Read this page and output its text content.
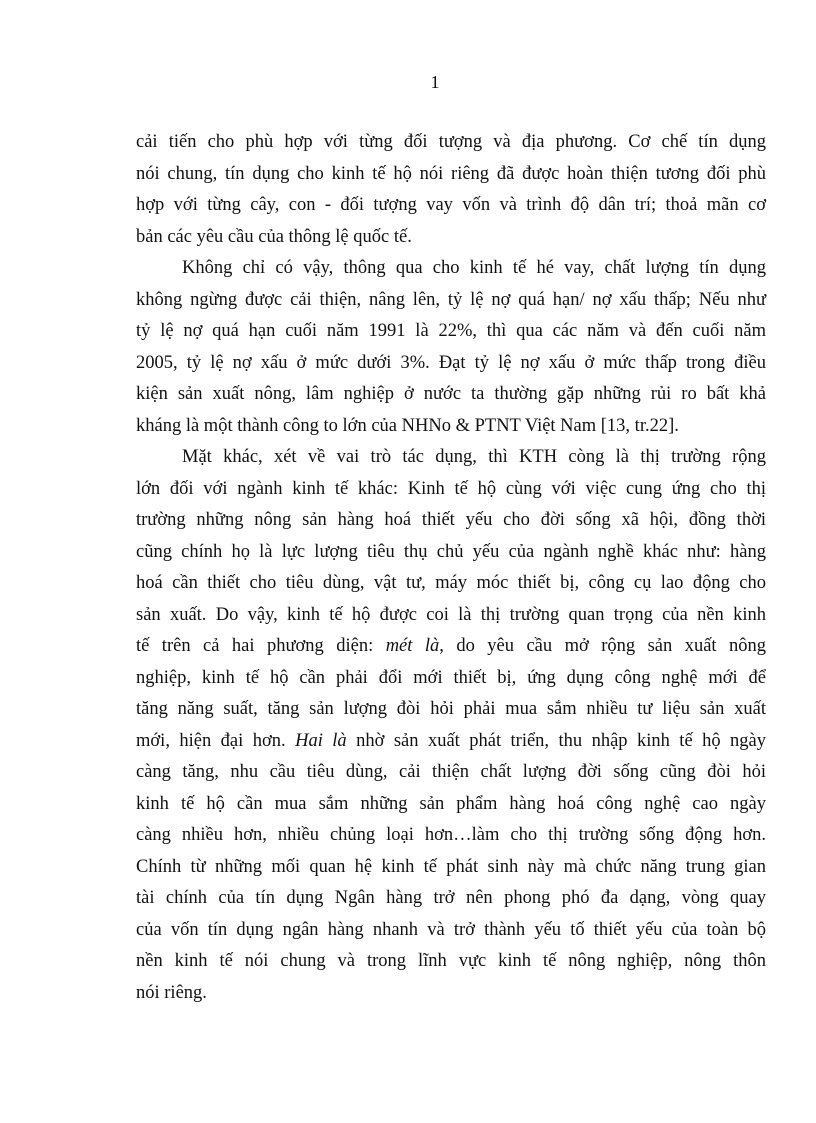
1
cải tiến cho phù hợp với từng đối tượng và địa phương. Cơ chế tín dụng
nói chung, tín dụng cho kinh tế hộ nói riêng đã được hoàn thiện tương đối phù
hợp với từng cây, con - đối tượng vay vốn và trình độ dân trí; thoả mãn cơ
bản các yêu cầu của thông lệ quốc tế.
Không chỉ có vậy, thông qua cho kinh tế hé vay, chất lượng tín dụng
không ngừng được cải thiện, nâng lên, tỷ lệ nợ quá hạn/ nợ xấu thấp; Nếu như
tỷ lệ nợ quá hạn cuối năm 1991 là 22%, thì qua các năm và đến cuối năm
2005, tỷ lệ nợ xấu ở mức dưới 3%. Đạt tỷ lệ nợ xấu ở mức thấp trong điều
kiện sản xuất nông, lâm nghiệp ở nước ta thường gặp những rủi ro bất khả
kháng là một thành công to lớn của NHNo & PTNT Việt Nam [13, tr.22].
Mặt khác, xét về vai trò tác dụng, thì KTH còng là thị trường rộng
lớn đối với ngành kinh tế khác: Kinh tế hộ cùng với việc cung ứng cho thị
trường những nông sản hàng hoá thiết yếu cho đời sống xã hội, đồng thời
cũng chính họ là lực lượng tiêu thụ chủ yếu của ngành nghề khác như: hàng
hoá cần thiết cho tiêu dùng, vật tư, máy móc thiết bị, công cụ lao động cho
sản xuất. Do vậy, kinh tế hộ được coi là thị trường quan trọng của nền kinh
tế trên cả hai phương diện: mét là, do yêu cầu mở rộng sản xuất nông
nghiệp, kinh tế hộ cần phải đổi mới thiết bị, ứng dụng công nghệ mới để
tăng năng suất, tăng sản lượng đòi hỏi phải mua sắm nhiều tư liệu sản xuất
mới, hiện đại hơn. Hai là nhờ sản xuất phát triển, thu nhập kinh tế hộ ngày
càng tăng, nhu cầu tiêu dùng, cải thiện chất lượng đời sống cũng đòi hỏi
kinh tế hộ cần mua sắm những sản phẩm hàng hoá công nghệ cao ngày
càng nhiều hơn, nhiều chủng loại hơn…làm cho thị trường sống động hơn.
Chính từ những mối quan hệ kinh tế phát sinh này mà chức năng trung gian
tài chính của tín dụng Ngân hàng trở nên phong phó đa dạng, vòng quay
của vốn tín dụng ngân hàng nhanh và trở thành yếu tố thiết yếu của toàn bộ
nền kinh tế nói chung và trong lĩnh vực kinh tế nông nghiệp, nông thôn
nói riêng.
